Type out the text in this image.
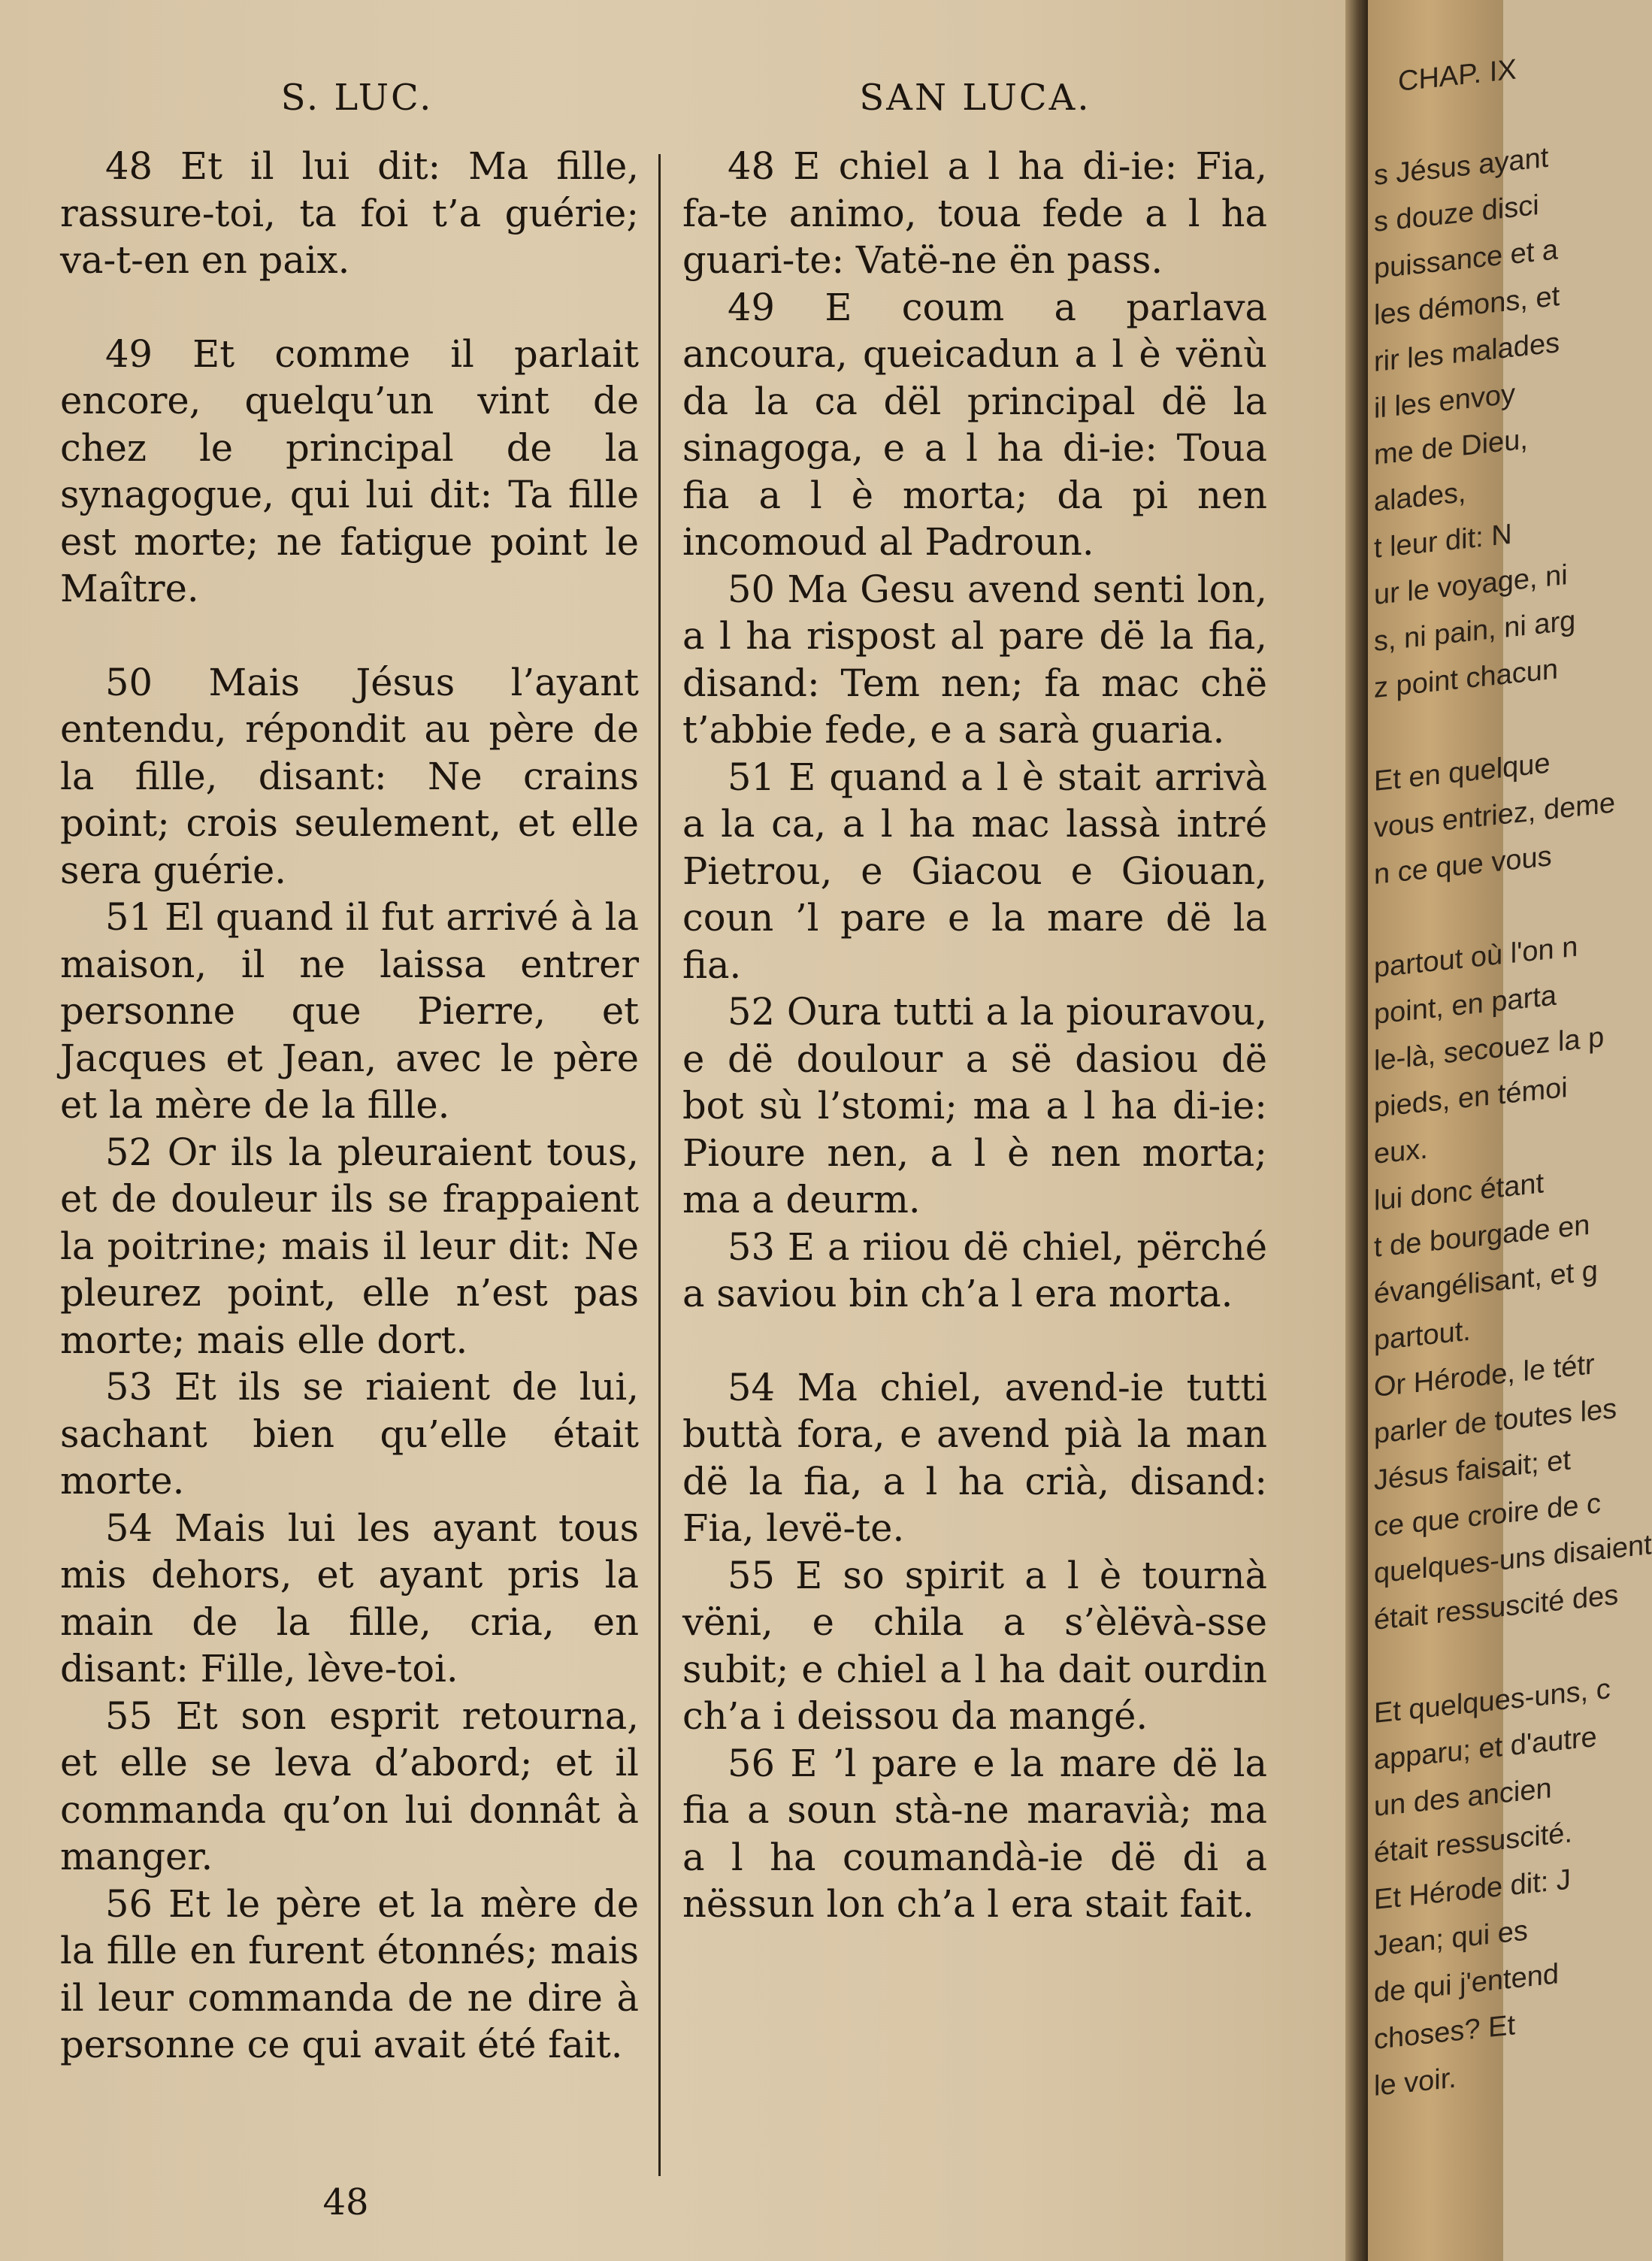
S. LUC.	SAN LUCA.

48 Et il lui dit: Ma fille, rassure-toi, ta foi t’a guérie; va-t-en en paix.

49 Et comme il parlait encore, quelqu’un vint de chez le principal de la synagogue, qui lui dit: Ta fille est morte; ne fatigue point le Maître.

50 Mais Jésus l’ayant entendu, répondit au père de la fille, disant: Ne crains point; crois seulement, et elle sera guérie.

51 El quand il fut arrivé à la maison, il ne laissa entrer personne que Pierre, et Jacques et Jean, avec le père et la mère de la fille.

52 Or ils la pleuraient tous, et de douleur ils se frappaient la poitrine; mais il leur dit: Ne pleurez point, elle n’est pas morte; mais elle dort.

53 Et ils se riaient de lui, sachant bien qu’elle était morte.

54 Mais lui les ayant tous mis dehors, et ayant pris la main de la fille, cria, en disant: Fille, lève-toi.

55 Et son esprit retourna, et elle se leva d’abord; et il commanda qu’on lui donnât à manger.

56 Et le père et la mère de la fille en furent étonnés; mais il leur commanda de ne dire à personne ce qui avait été fait.

48 E chiel a l ha di-ie: Fia, fa-te animo, toua fede a l ha guari-te: Vatë-ne ën pass.

49 E coum a parlava ancoura, queicadun a l è vënù da la ca dël principal dë la sinagoga, e a l ha di-ie: Toua fia a l è morta; da pi nen incomoud al Padroun.

50 Ma Gesu avend senti lon, a l ha rispost al pare dë la fia, disand: Tem nen; fa mac chë t’abbie fede, e a sarà guaria.

51 E quand a l è stait arrivà a la ca, a l ha mac lassà intré Pietrou, e Giacou e Giouan, coun ’l pare e la mare dë la fia.

52 Oura tutti a la piouravou, e dë doulour a së dasiou dë bot sù l’stomi; ma a l ha di-ie: Pioure nen, a l è nen morta; ma a deurm.

53 E a riiou dë chiel, përché a saviou bin ch’a l era morta.

54 Ma chiel, avend-ie tutti buttà fora, e avend pià la man dë la fia, a l ha crià, disand: Fia, levë-te.

55 E so spirit a l è tournà vëni, e chila a s’èlëvà-sse subit; e chiel a l ha dait ourdin ch’a i deissou da mangé.

56 E ’l pare e la mare dë la fia a soun stà-ne maravià; ma a l ha coumandà-ie dë di a nëssun lon ch’a l era stait fait.

48
CHAP. IX
s Jésus ayant
s douze disci
puissance et a
les démons, et
rir les malades
il les envoy
me de Dieu,
alades,
t leur dit: N
ur le voyage, ni
s, ni pain, ni arg
z point chacun
Et en quelque
vous entriez, deme
n ce que vous
partout où l'on n
point, en parta
le-là, secouez la p
pieds, en témoi
eux.
lui donc étant
t de bourgade en
évangélisant, et g
partout.
Or Hérode, le tétr
parler de toutes les
Jésus faisait; et
ce que croire de c
quelques-uns disaient
était ressuscité des
Et quelques-uns, c
apparu; et d'autre
un des ancien
était ressuscité.
Et Hérode dit: J
Jean; qui es
de qui j'entend
choses? Et
le voir.
